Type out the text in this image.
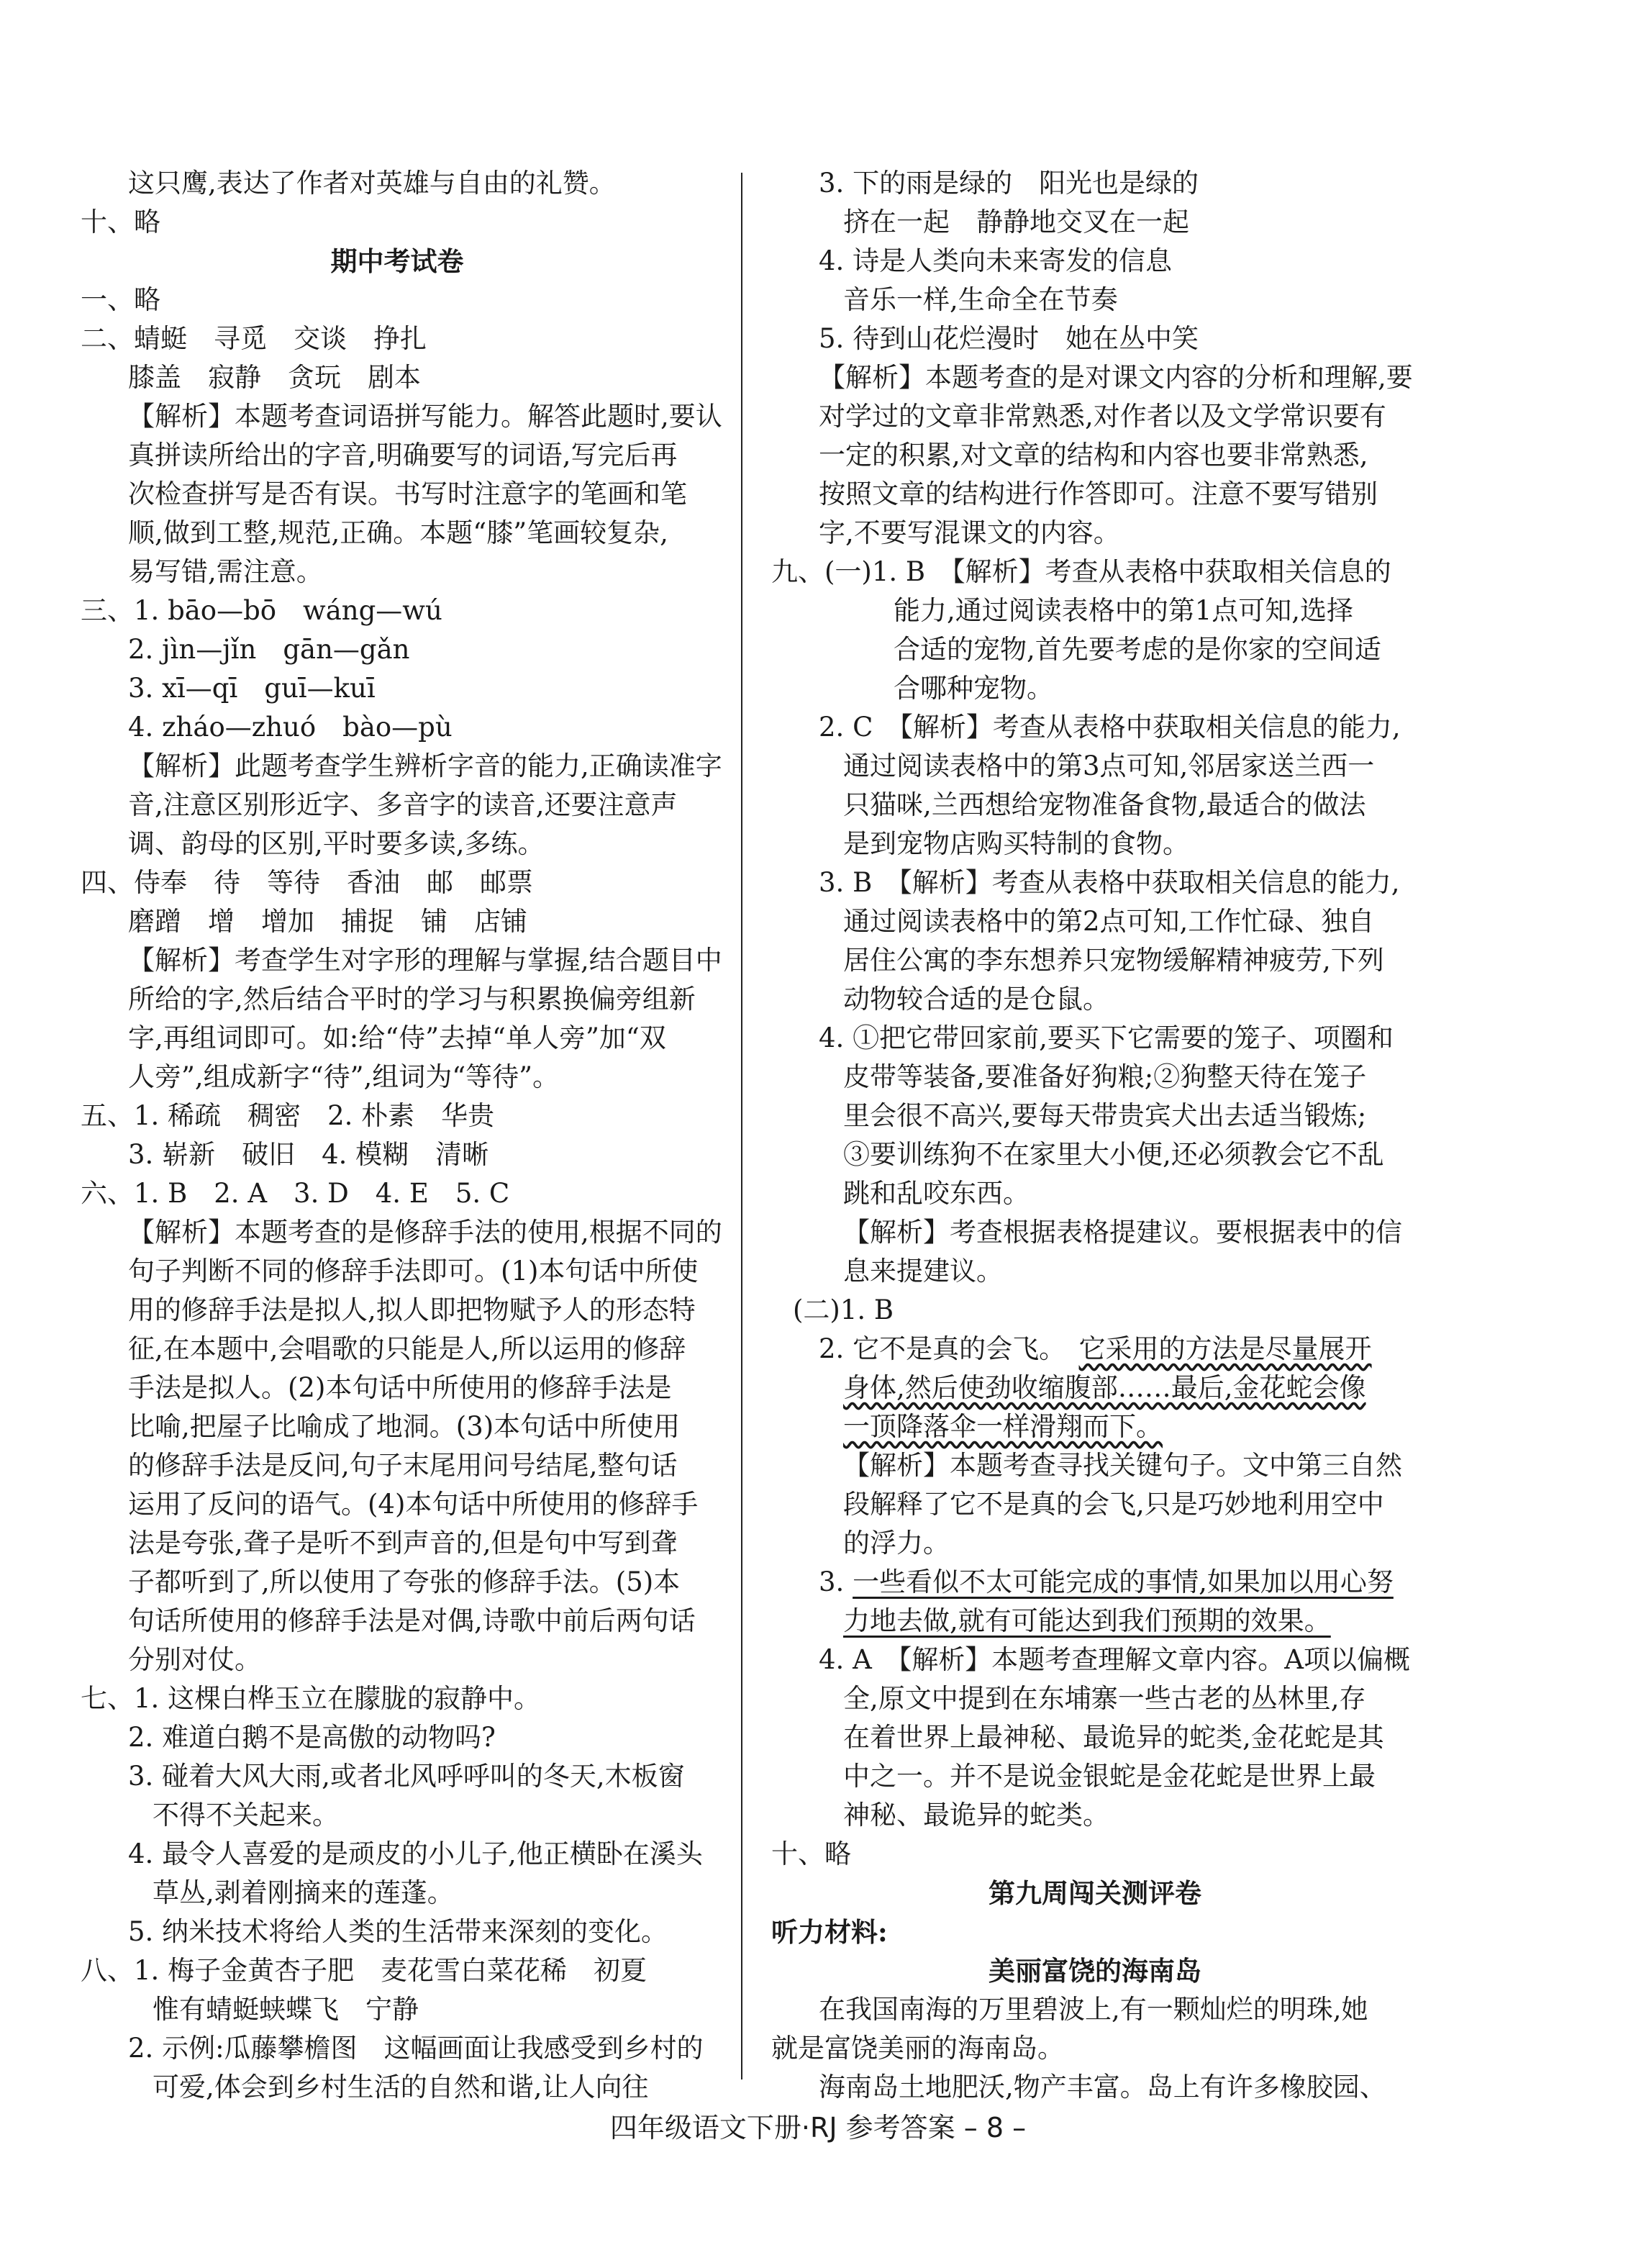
这只鹰,表达了作者对英雄与自由的礼赞。
十、略
期中考试卷
一、略
二、蜻蜓　寻觅　交谈　挣扎
膝盖　寂静　贪玩　剧本
【解析】本题考查词语拼写能力。解答此题时,要认
真拼读所给出的字音,明确要写的词语,写完后再
次检查拼写是否有误。书写时注意字的笔画和笔
顺,做到工整,规范,正确。本题“膝”笔画较复杂,
易写错,需注意。
三、1. bāo—bō　wáng—wú
2. jìn—jǐn　gān—gǎn
3. xī—qī　guī—kuī
4. zháo—zhuó　bào—pù
【解析】此题考查学生辨析字音的能力,正确读准字
音,注意区别形近字、多音字的读音,还要注意声
调、韵母的区别,平时要多读,多练。
四、侍奉　待　等待　香油　邮　邮票
磨蹭　增　增加　捕捉　铺　店铺
【解析】考查学生对字形的理解与掌握,结合题目中
所给的字,然后结合平时的学习与积累换偏旁组新
字,再组词即可。如:给“侍”去掉“单人旁”加“双
人旁”,组成新字“待”,组词为“等待”。
五、1. 稀疏　稠密　2. 朴素　华贵
3. 崭新　破旧　4. 模糊　清晰
六、1. B　2. A　3. D　4. E　5. C
【解析】本题考查的是修辞手法的使用,根据不同的
句子判断不同的修辞手法即可。(1)本句话中所使
用的修辞手法是拟人,拟人即把物赋予人的形态特
征,在本题中,会唱歌的只能是人,所以运用的修辞
手法是拟人。(2)本句话中所使用的修辞手法是
比喻,把屋子比喻成了地洞。(3)本句话中所使用
的修辞手法是反问,句子末尾用问号结尾,整句话
运用了反问的语气。(4)本句话中所使用的修辞手
法是夸张,聋子是听不到声音的,但是句中写到聋
子都听到了,所以使用了夸张的修辞手法。(5)本
句话所使用的修辞手法是对偶,诗歌中前后两句话
分别对仗。
七、1. 这棵白桦玉立在朦胧的寂静中。
2. 难道白鹅不是高傲的动物吗?
3. 碰着大风大雨,或者北风呼呼叫的冬天,木板窗
不得不关起来。
4. 最令人喜爱的是顽皮的小儿子,他正横卧在溪头
草丛,剥着刚摘来的莲蓬。
5. 纳米技术将给人类的生活带来深刻的变化。
八、1. 梅子金黄杏子肥　麦花雪白菜花稀　初夏
惟有蜻蜓蛱蝶飞　宁静
2. 示例:瓜藤攀檐图　这幅画面让我感受到乡村的
可爱,体会到乡村生活的自然和谐,让人向往
3. 下的雨是绿的　阳光也是绿的
挤在一起　静静地交叉在一起
4. 诗是人类向未来寄发的信息
音乐一样,生命全在节奏
5. 待到山花烂漫时　她在丛中笑
【解析】本题考查的是对课文内容的分析和理解,要
对学过的文章非常熟悉,对作者以及文学常识要有
一定的积累,对文章的结构和内容也要非常熟悉,
按照文章的结构进行作答即可。注意不要写错别
字,不要写混课文的内容。
九、(一)1. B　【解析】考查从表格中获取相关信息的
能力,通过阅读表格中的第1点可知,选择
合适的宠物,首先要考虑的是你家的空间适
合哪种宠物。
2. C　【解析】考查从表格中获取相关信息的能力,
通过阅读表格中的第3点可知,邻居家送兰西一
只猫咪,兰西想给宠物准备食物,最适合的做法
是到宠物店购买特制的食物。
3. B　【解析】考查从表格中获取相关信息的能力,
通过阅读表格中的第2点可知,工作忙碌、独自
居住公寓的李东想养只宠物缓解精神疲劳,下列
动物较合适的是仓鼠。
4. ①把它带回家前,要买下它需要的笼子、项圈和
皮带等装备,要准备好狗粮;②狗整天待在笼子
里会很不高兴,要每天带贵宾犬出去适当锻炼;
③要训练狗不在家里大小便,还必须教会它不乱
跳和乱咬东西。
【解析】考查根据表格提建议。要根据表中的信
息来提建议。
(二)1. B
2. 它不是真的会飞。　它采用的方法是尽量展开
身体,然后使劲收缩腹部……最后,金花蛇会像
一顶降落伞一样滑翔而下。
【解析】本题考查寻找关键句子。文中第三自然
段解释了它不是真的会飞,只是巧妙地利用空中
的浮力。
3. 一些看似不太可能完成的事情,如果加以用心努
力地去做,就有可能达到我们预期的效果。
4. A　【解析】本题考查理解文章内容。A项以偏概
全,原文中提到在东埔寨一些古老的丛林里,存
在着世界上最神秘、最诡异的蛇类,金花蛇是其
中之一。并不是说金银蛇是金花蛇是世界上最
神秘、最诡异的蛇类。
十、略
第九周闯关测评卷
听力材料:
美丽富饶的海南岛
在我国南海的万里碧波上,有一颗灿烂的明珠,她
就是富饶美丽的海南岛。
海南岛土地肥沃,物产丰富。岛上有许多橡胶园、
四年级语文下册·RJ 参考答案 – 8 –
